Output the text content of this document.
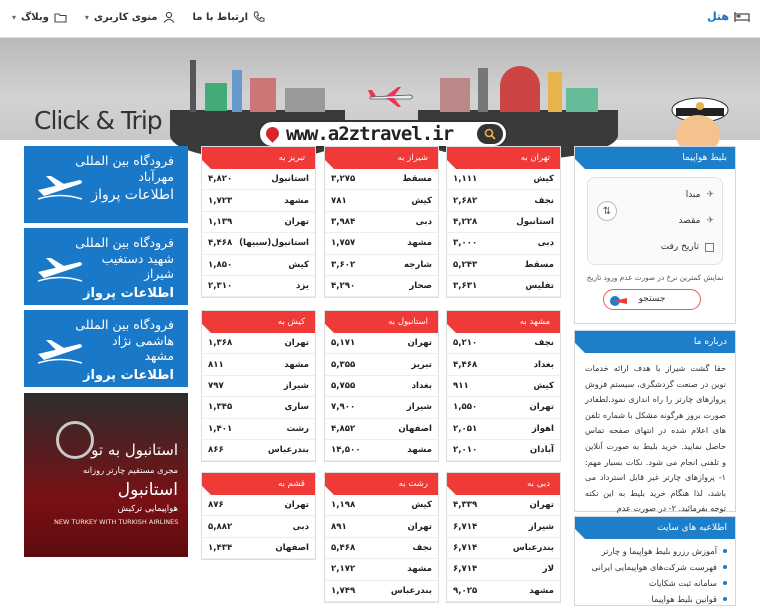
هتل
ارتباط با ما
منوی کاربری
▾
وبلاگ
▾
Click & Trip	www.a2ztravel.ir
بلیط هواپیما
✈
مبدا
✈
مقصد
تاریخ رفت
⇅
نمایش کمترین نرخ در صورت عدم ورود تاریخ
جستجو
درباره ما
حقا گشت شیراز با هدف ارائه خدمات نوین در صنعت گردشگری، سیستم فروش پروازهای چارتر را راه اندازی نمود.لطفادر صورت بروز هرگونه مشکل با شماره تلفن های اعلام شده در انتهای صفحه تماس حاصل نمایید. خرید بلیط به صورت آنلاین و تلفنی انجام می شود. نکات بسیار مهم: ۱- پروازهای چارتر غیر قابل استرداد می باشد، لذا هنگام خرید بلیط به این نکته توجه بفرمائید. ۲- در صورت عدم
اطلاعیه های سایت
آموزش رزرو بلیط هواپیما و چارتر
فهرست شرکت‌های هواپیمایی ایرانی
سامانه ثبت شکایات
قوانین بلیط هواپیما
تهران به
کیش
۱,۱۱۱
نجف
۲,۶۸۲
استانبول
۴,۲۲۸
دبی
۳,۰۰۰
مسقط
۵,۲۴۳
تفلیس
۳,۶۳۱
شیراز به
مسقط
۳,۲۷۵
کیش
۷۸۱
دبی
۳,۹۸۴
مشهد
۱,۷۵۷
شارجه
۳,۶۰۲
صحار
۴,۲۹۰
تبریز به
استانبول
۴,۸۲۰
مشهد
۱,۷۲۳
تهران
۱,۱۳۹
استانبول(سبیها)
۴,۴۶۸
کیش
۱,۸۵۰
یزد
۲,۳۱۰
مشهد به
نجف
۵,۲۱۰
بغداد
۴,۴۶۸
کیش
۹۱۱
تهران
۱,۵۵۰
اهواز
۲,۰۵۱
آبادان
۲,۰۱۰
استانبول به
تهران
۵,۱۷۱
تبریز
۵,۳۵۵
بغداد
۵,۷۵۵
شیراز
۷,۹۰۰
اصفهان
۴,۸۵۲
مشهد
۱۴,۵۰۰
کیش به
تهران
۱,۳۶۸
مشهد
۸۱۱
شیراز
۷۹۷
ساری
۱,۳۴۵
رشت
۱,۴۰۱
بندرعباس
۸۶۶
دبی به
تهران
۴,۳۳۹
شیراز
۶,۷۱۴
بندرعباس
۶,۷۱۴
لار
۶,۷۱۴
مشهد
۹,۰۲۵
رشت به
کیش
۱,۱۹۸
تهران
۸۹۱
نجف
۵,۴۶۸
مشهد
۲,۱۷۲
بندرعباس
۱,۷۴۹
قشم به
تهران
۸۷۶
دبی
۵,۸۸۲
اصفهان
۱,۴۳۴
فرودگاه بین المللی
مهرآباد
اطلاعات پرواز
فرودگاه بین المللی
شهید دستغیب
شیراز
اطلاعات پرواز
فرودگاه بین المللی
هاشمی نژاد
مشهد
اطلاعات پرواز
استانبول به تو
مجری مستقیم چارتر روزانه
استانبول
هواپیمایی ترکیش
NEW TURKEY WITH TURKISH AIRLINES
